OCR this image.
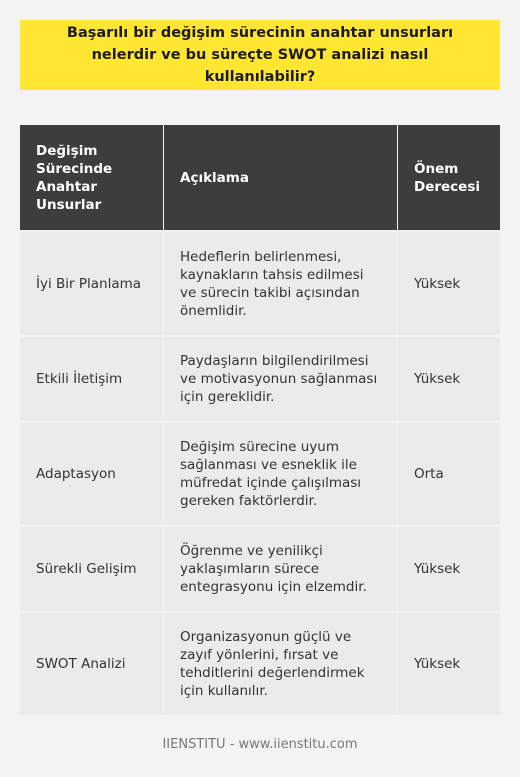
Başarılı bir değişim sürecinin anahtar unsurları nelerdir ve bu süreçte SWOT analizi nasıl kullanılabilir?

Değişim Sürecinde Anahtar Unsurlar	Açıklama	Önem Derecesi
İyi Bir Planlama	Hedeflerin belirlenmesi, kaynakların tahsis edilmesi ve sürecin takibi açısından önemlidir.	Yüksek
Etkili İletişim	Paydaşların bilgilendirilmesi ve motivasyonun sağlanması için gereklidir.	Yüksek
Adaptasyon	Değişim sürecine uyum sağlanması ve esneklik ile müfredat içinde çalışılması gereken faktörlerdir.	Orta
Sürekli Gelişim	Öğrenme ve yenilikçi yaklaşımların sürece entegrasyonu için elzemdir.	Yüksek
SWOT Analizi	Organizasyonun güçlü ve zayıf yönlerini, fırsat ve tehditlerini değerlendirmek için kullanılır.	Yüksek
IIENSTITU - www.iienstitu.com
